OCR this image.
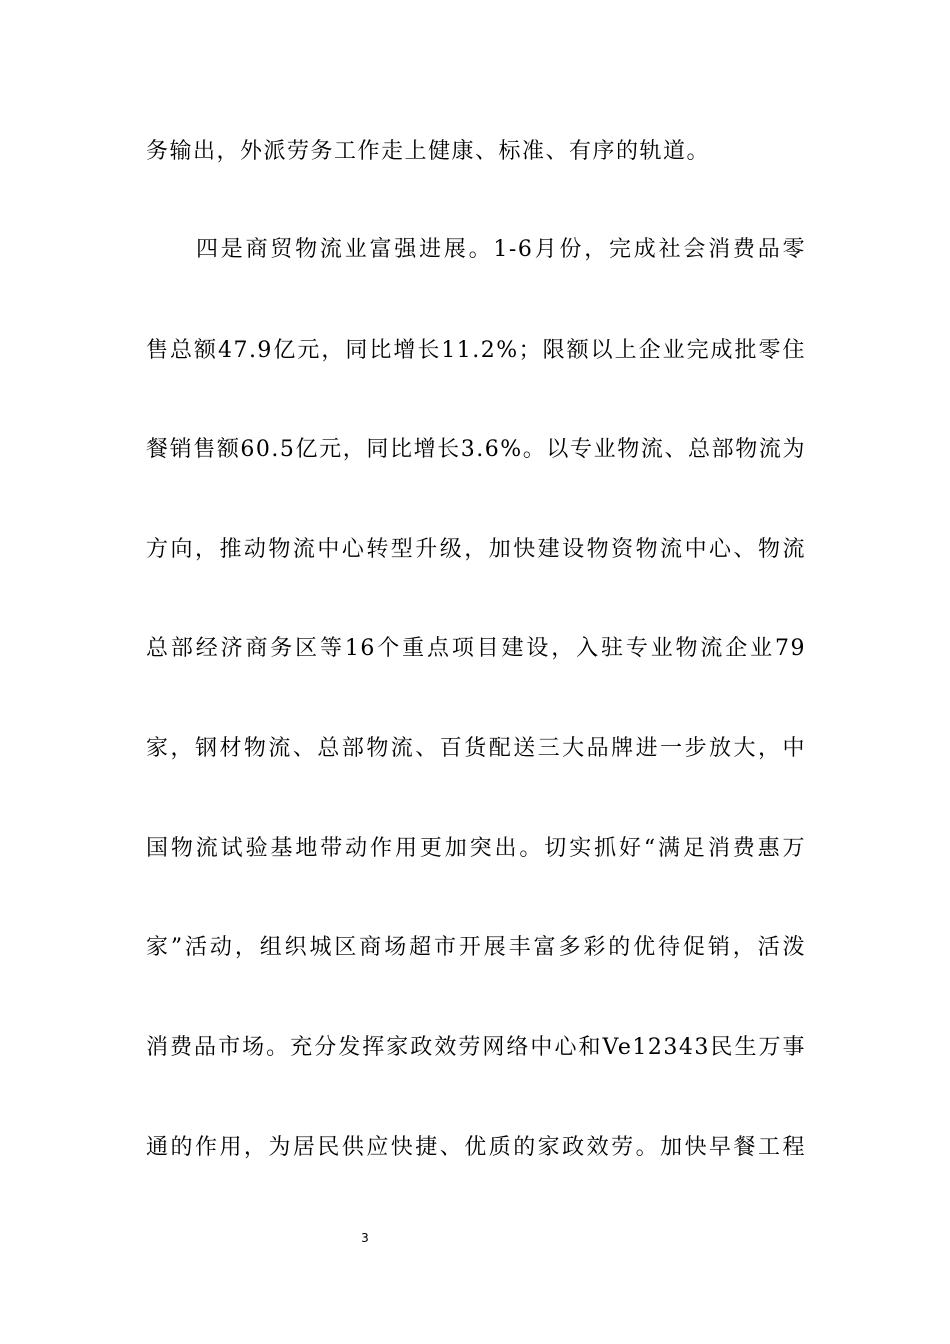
务输出，外派劳务工作走上健康、标准、有序的轨道。
四是商贸物流业富强进展。1-6月份，完成社会消费品零
售总额47.9亿元，同比增长11.2%；限额以上企业完成批零住
餐销售额60.5亿元，同比增长3.6%。以专业物流、总部物流为
方向，推动物流中心转型升级，加快建设物资物流中心、物流
总部经济商务区等16个重点项目建设，入驻专业物流企业79
家，钢材物流、总部物流、百货配送三大品牌进一步放大，中
国物流试验基地带动作用更加突出。切实抓好“满足消费惠万
家”活动，组织城区商场超市开展丰富多彩的优待促销，活泼
消费品市场。充分发挥家政效劳网络中心和Ve12343民生万事
通的作用，为居民供应快捷、优质的家政效劳。加快早餐工程
3
